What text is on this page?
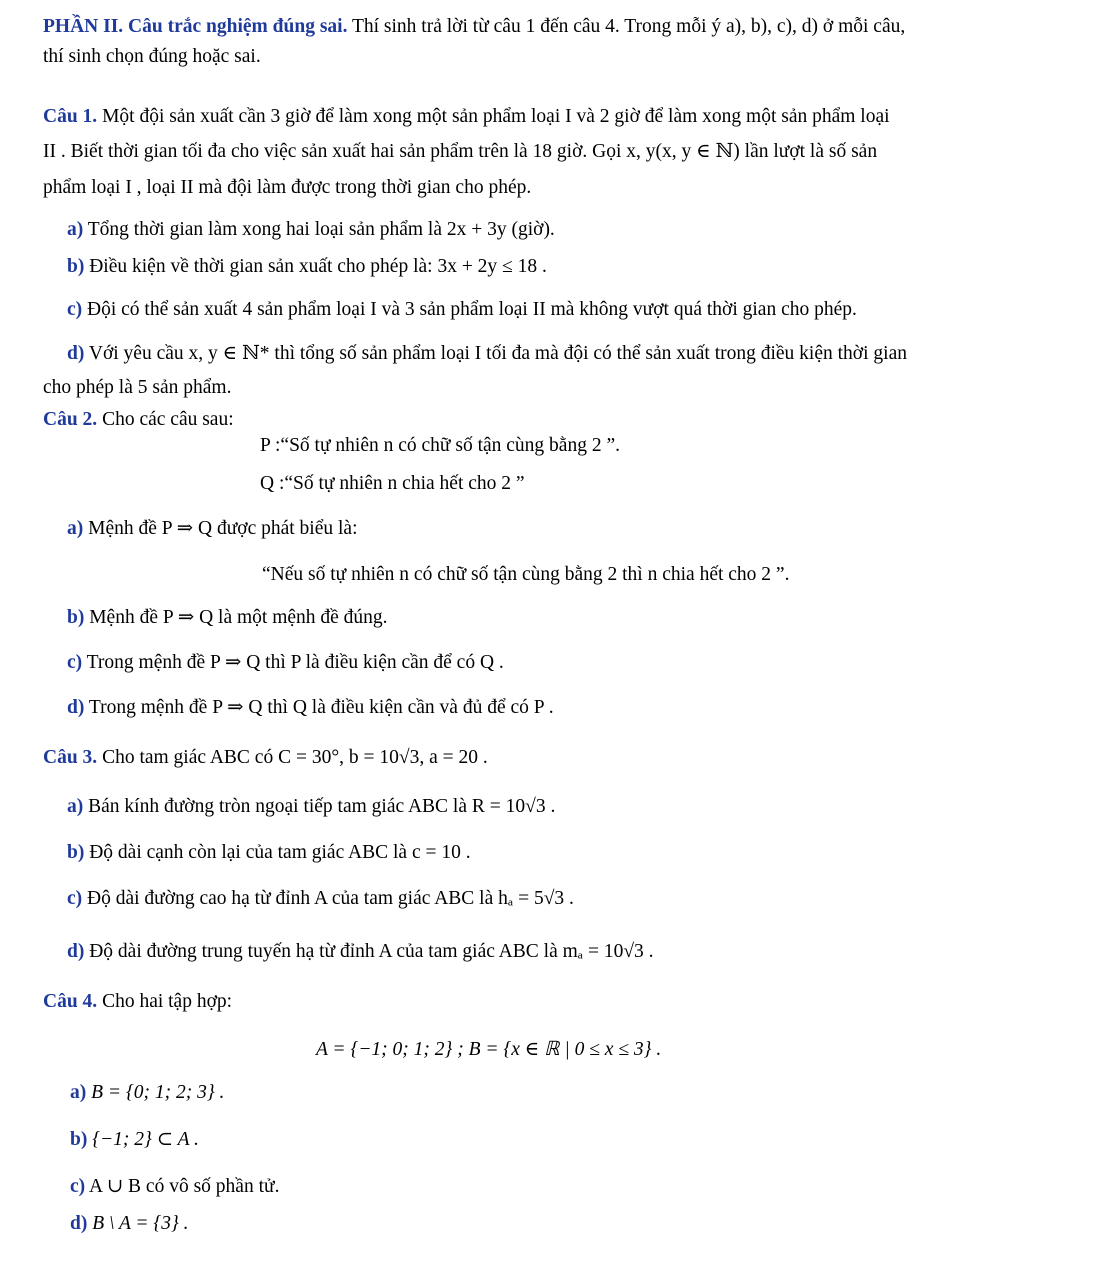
PHẦN II. Câu trắc nghiệm đúng sai. Thí sinh trả lời từ câu 1 đến câu 4. Trong mỗi ý a), b), c), d) ở mỗi câu,
thí sinh chọn đúng hoặc sai.
Câu 1. Một đội sản xuất cần 3 giờ để làm xong một sản phẩm loại I và 2 giờ để làm xong một sản phẩm loại
II . Biết thời gian tối đa cho việc sản xuất hai sản phẩm trên là 18 giờ. Gọi x, y(x, y ∈ ℕ) lần lượt là số sản
phẩm loại I , loại II mà đội làm được trong thời gian cho phép.
a) Tổng thời gian làm xong hai loại sản phẩm là 2x + 3y (giờ).
b) Điều kiện về thời gian sản xuất cho phép là: 3x + 2y ≤ 18 .
c) Đội có thể sản xuất 4 sản phẩm loại I và 3 sản phẩm loại II mà không vượt quá thời gian cho phép.
d) Với yêu cầu x, y ∈ ℕ* thì tổng số sản phẩm loại I tối đa mà đội có thể sản xuất trong điều kiện thời gian
cho phép là 5 sản phẩm.
Câu 2. Cho các câu sau:
P :“Số tự nhiên n có chữ số tận cùng bằng 2 ”.
Q :“Số tự nhiên n chia hết cho 2 ”
a) Mệnh đề P ⇒ Q được phát biểu là:
“Nếu số tự nhiên n có chữ số tận cùng bằng 2 thì n chia hết cho 2 ”.
b) Mệnh đề P ⇒ Q là một mệnh đề đúng.
c) Trong mệnh đề P ⇒ Q thì P là điều kiện cần để có Q .
d) Trong mệnh đề P ⇒ Q thì Q là điều kiện cần và đủ để có P .
Câu 3. Cho tam giác ABC có C = 30°, b = 10√3, a = 20 .
a) Bán kính đường tròn ngoại tiếp tam giác ABC là R = 10√3 .
b) Độ dài cạnh còn lại của tam giác ABC là c = 10 .
c) Độ dài đường cao hạ từ đỉnh A của tam giác ABC là hₐ = 5√3 .
d) Độ dài đường trung tuyến hạ từ đỉnh A của tam giác ABC là mₐ = 10√3 .
Câu 4. Cho hai tập hợp:
A = {−1; 0; 1; 2} ; B = {x ∈ ℝ | 0 ≤ x ≤ 3} .
a) B = {0; 1; 2; 3} .
b) {−1; 2} ⊂ A .
c) A ∪ B có vô số phần tử.
d) B \ A = {3} .
